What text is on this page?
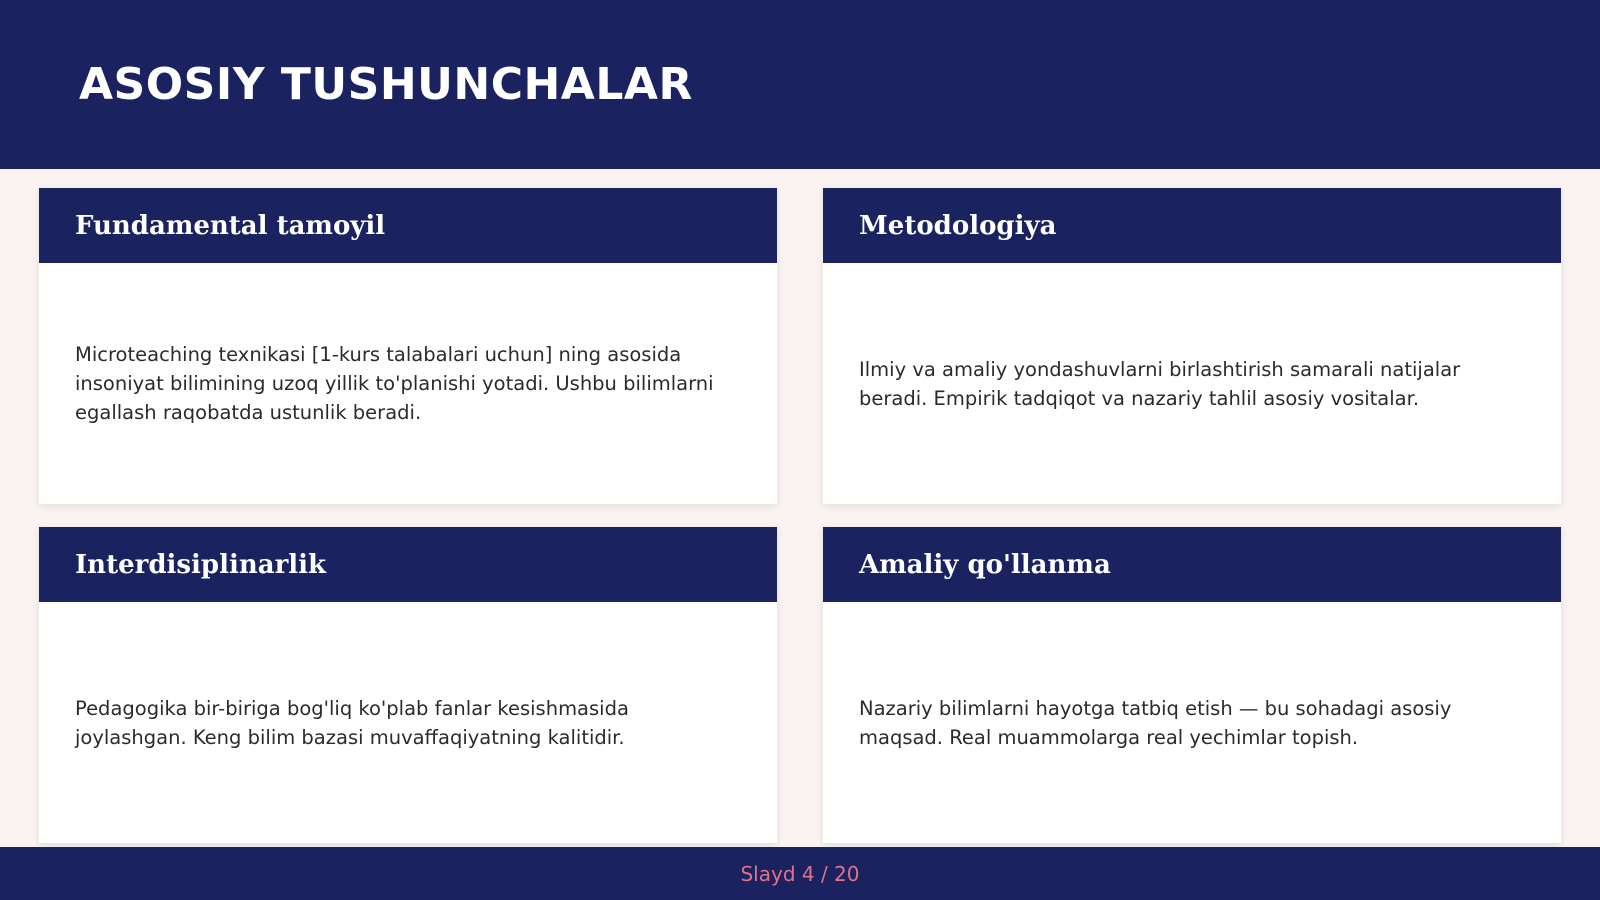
ASOSIY TUSHUNCHALAR
Fundamental tamoyil

Microteaching texnikasi [1-kurs talabalari uchun] ning asosida insoniyat bilimining uzoq yillik to'planishi yotadi. Ushbu bilimlarni egallash raqobatda ustunlik beradi.

Metodologiya

Ilmiy va amaliy yondashuvlarni birlashtirish samarali natijalar beradi. Empirik tadqiqot va nazariy tahlil asosiy vositalar.

Interdisiplinarlik

Pedagogika bir-biriga bog'liq ko'plab fanlar kesishmasida joylashgan. Keng bilim bazasi muvaffaqiyatning kalitidir.

Amaliy qo'llanma

Nazariy bilimlarni hayotga tatbiq etish — bu sohadagi asosiy maqsad. Real muammolarga real yechimlar topish.

Slayd 4 / 20
